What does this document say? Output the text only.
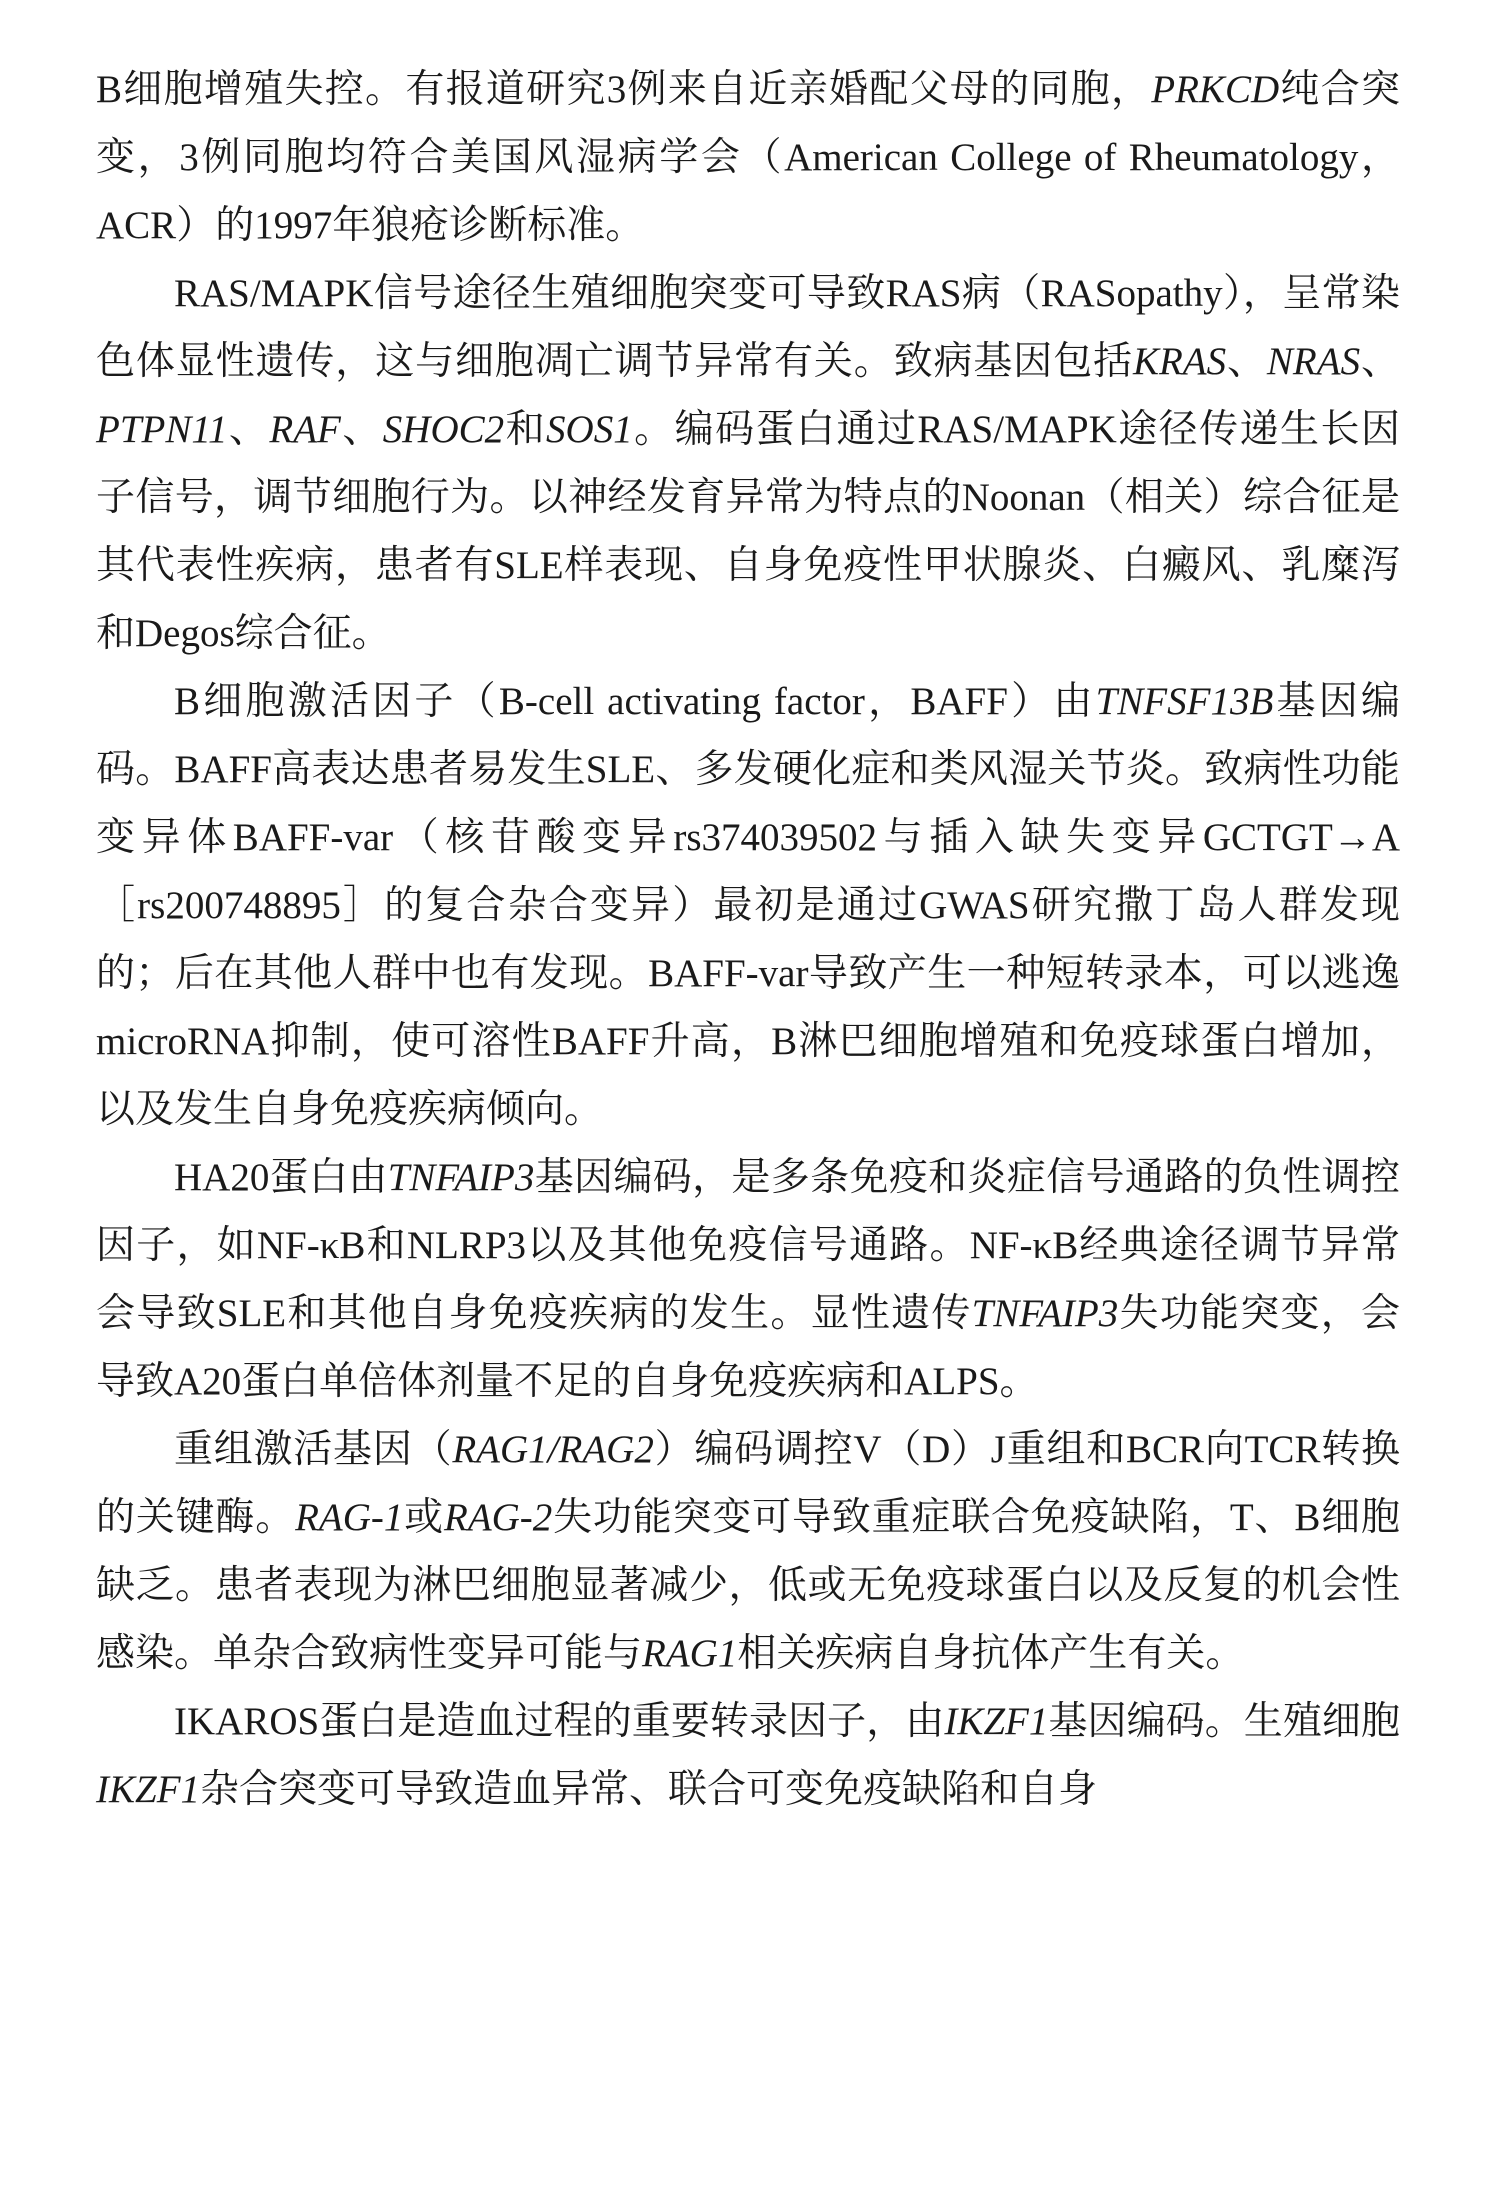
B细胞增殖失控。有报道研究3例来自近亲婚配父母的同胞，PRKCD纯合突变，3例同胞均符合美国风湿病学会（American College of Rheumatology，ACR）的1997年狼疮诊断标准。

RAS/MAPK信号途径生殖细胞突变可导致RAS病（RASopathy），呈常染色体显性遗传，这与细胞凋亡调节异常有关。致病基因包括KRAS、NRAS、PTPN11、RAF、SHOC2和SOS1。编码蛋白通过RAS/MAPK途径传递生长因子信号，调节细胞行为。以神经发育异常为特点的Noonan（相关）综合征是其代表性疾病，患者有SLE样表现、自身免疫性甲状腺炎、白癜风、乳糜泻和Degos综合征。

B细胞激活因子（B-cell activating factor，BAFF）由TNFSF13B基因编码。BAFF高表达患者易发生SLE、多发硬化症和类风湿关节炎。致病性功能变异体BAFF-var（核苷酸变异rs374039502与插入缺失变异GCTGT→A［rs200748895］的复合杂合变异）最初是通过GWAS研究撒丁岛人群发现的；后在其他人群中也有发现。BAFF-var导致产生一种短转录本，可以逃逸microRNA抑制，使可溶性BAFF升高，B淋巴细胞增殖和免疫球蛋白增加，以及发生自身免疫疾病倾向。

HA20蛋白由TNFAIP3基因编码，是多条免疫和炎症信号通路的负性调控因子，如NF-κB和NLRP3以及其他免疫信号通路。NF-κB经典途径调节异常会导致SLE和其他自身免疫疾病的发生。显性遗传TNFAIP3失功能突变，会导致A20蛋白单倍体剂量不足的自身免疫疾病和ALPS。

重组激活基因（RAG1/RAG2）编码调控V（D）J重组和BCR向TCR转换的关键酶。RAG-1或RAG-2失功能突变可导致重症联合免疫缺陷，T、B细胞缺乏。患者表现为淋巴细胞显著减少，低或无免疫球蛋白以及反复的机会性感染。单杂合致病性变异可能与RAG1相关疾病自身抗体产生有关。

IKAROS蛋白是造血过程的重要转录因子，由IKZF1基因编码。生殖细胞IKZF1杂合突变可导致造血异常、联合可变免疫缺陷和自身
